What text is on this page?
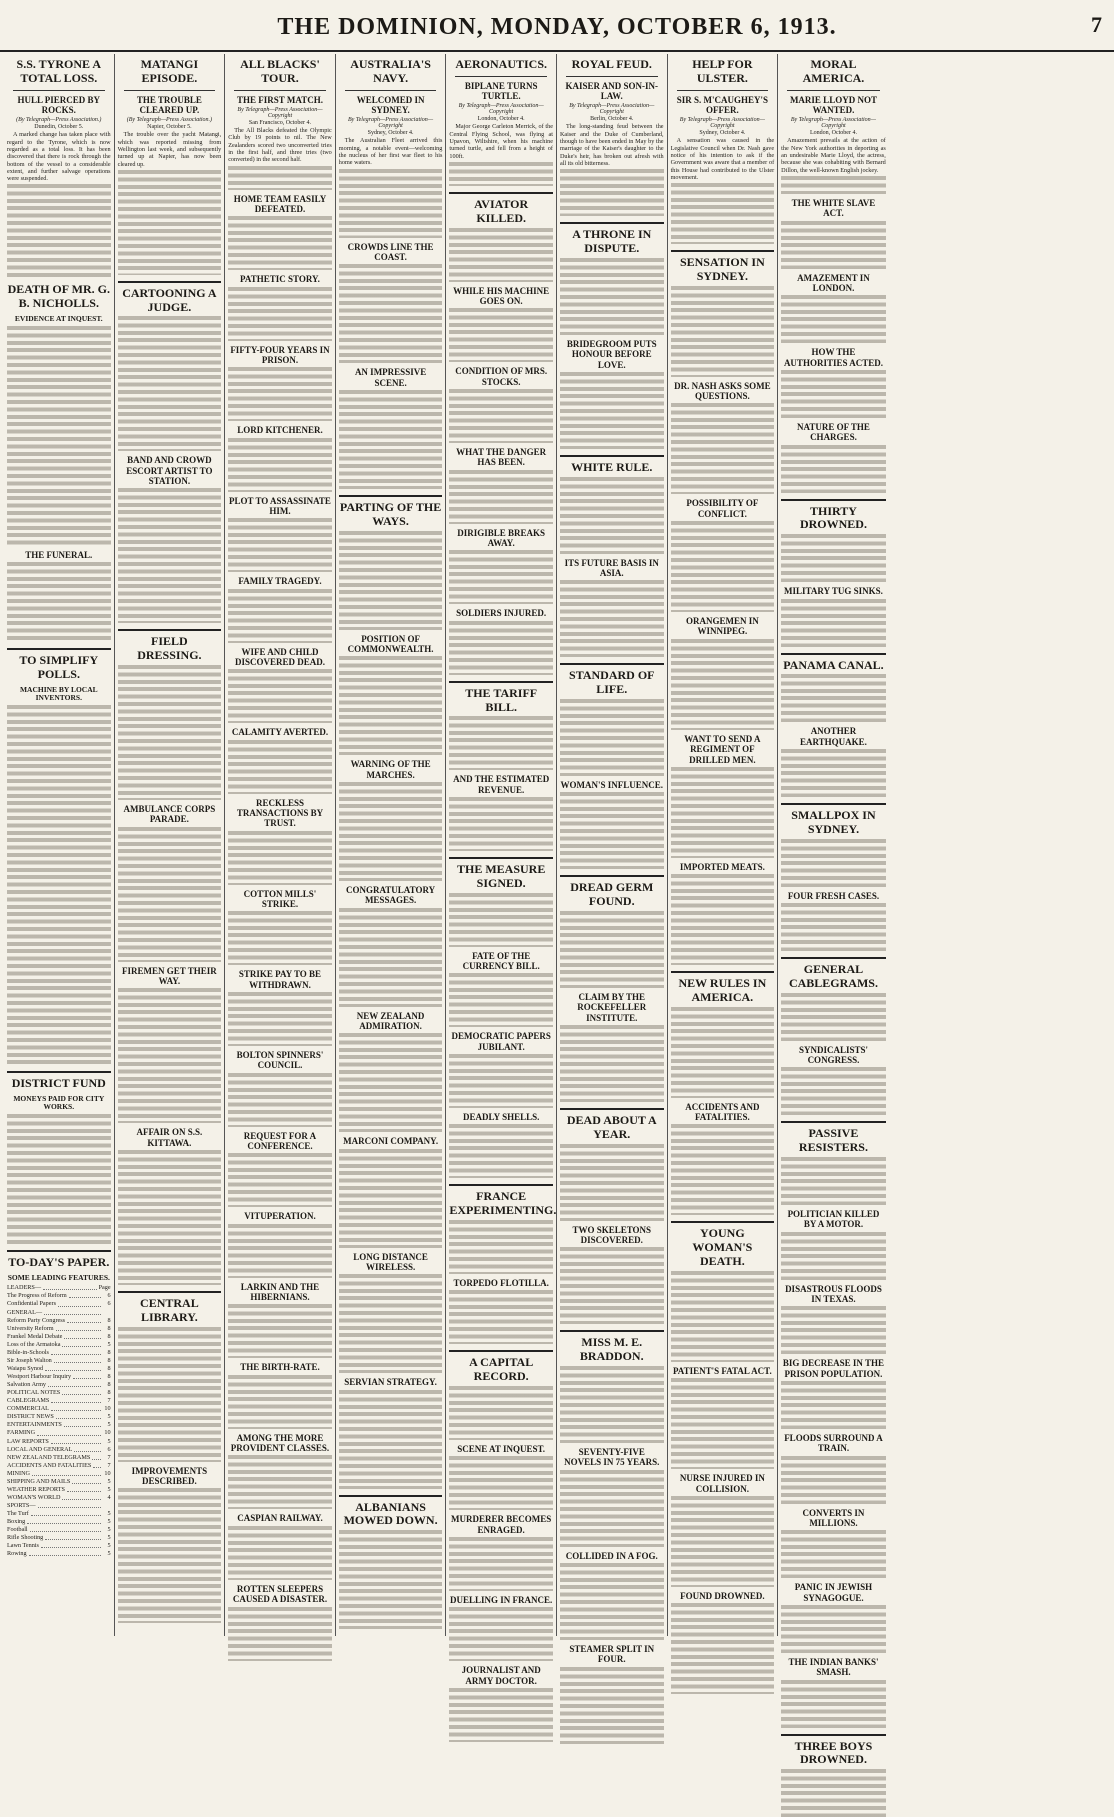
THE DOMINION, MONDAY, OCTOBER 6, 1913.	7
S.S. TYRONE A TOTAL LOSS.
HULL PIERCED BY ROCKS.
(By Telegraph—Press Association.)
Dunedin, October 5.

A marked change has taken place with regard to the Tyrone, which is now regarded as a total loss. It has been discovered that there is rock through the bottom of the vessel to a considerable extent, and further salvage operations were suspended.

DEATH OF MR. G. B. NICHOLLS.
EVIDENCE AT INQUEST.
THE FUNERAL.
TO SIMPLIFY POLLS.
MACHINE BY LOCAL INVENTORS.
DISTRICT FUND
MONEYS PAID FOR CITY WORKS.
TO-DAY'S PAPER.
SOME LEADING FEATURES.
LEADERS—	Page
The Progress of Reform	6
Confidential Papers	6
GENERAL—
Reform Party Congress	8
University Reform	8
Frankel Medal Debate	8
Loss of the Armatoka	5
Bible-in-Schools	8
Sir Joseph Walton	8
Waiapu Synod	8
Westport Harbour Inquiry	8
Salvation Army	8
POLITICAL NOTES	8
CABLEGRAMS	7
COMMERCIAL	10
DISTRICT NEWS	5
ENTERTAINMENTS	5
FARMING	10
LAW REPORTS	5
LOCAL AND GENERAL	6
NEW ZEALAND TELEGRAMS	7
ACCIDENTS AND FATALITIES	7
MINING	10
SHIPPING AND MAILS	5
WEATHER REPORTS	5
WOMAN'S WORLD	4
SPORTS—
The Turf	5
Boxing	5
Football	5
Rifle Shooting	5
Lawn Tennis	5
Rowing	5
MATANGI EPISODE.
THE TROUBLE CLEARED UP.
(By Telegraph—Press Association.)
Napier, October 5.

The trouble over the yacht Matangi, which was reported missing from Wellington last week, and subsequently turned up at Napier, has now been cleared up.

CARTOONING A JUDGE.
BAND AND CROWD ESCORT ARTIST TO STATION.
FIELD DRESSING.
AMBULANCE CORPS PARADE.
FIREMEN GET THEIR WAY.
AFFAIR ON S.S. KITTAWA.
CENTRAL LIBRARY.
IMPROVEMENTS DESCRIBED.
ALL BLACKS' TOUR.
THE FIRST MATCH.
By Telegraph—Press Association—Copyright
San Francisco, October 4.

The All Blacks defeated the Olympic Club by 19 points to nil. The New Zealanders scored two unconverted tries in the first half, and three tries (two converted) in the second half.

HOME TEAM EASILY DEFEATED.
PATHETIC STORY.
FIFTY-FOUR YEARS IN PRISON.
LORD KITCHENER.
PLOT TO ASSASSINATE HIM.
FAMILY TRAGEDY.
WIFE AND CHILD DISCOVERED DEAD.
CALAMITY AVERTED.
RECKLESS TRANSACTIONS BY TRUST.
COTTON MILLS' STRIKE.
STRIKE PAY TO BE WITHDRAWN.
BOLTON SPINNERS' COUNCIL.
REQUEST FOR A CONFERENCE.
VITUPERATION.
LARKIN AND THE HIBERNIANS.
THE BIRTH-RATE.
AMONG THE MORE PROVIDENT CLASSES.
CASPIAN RAILWAY.
ROTTEN SLEEPERS CAUSED A DISASTER.
AUSTRALIA'S NAVY.
WELCOMED IN SYDNEY.
By Telegraph—Press Association—Copyright
Sydney, October 4.

The Australian Fleet arrived this morning, a notable event—welcoming the nucleus of her first war fleet to his home waters.

CROWDS LINE THE COAST.
AN IMPRESSIVE SCENE.
PARTING OF THE WAYS.
POSITION OF COMMONWEALTH.
WARNING OF THE MARCHES.
CONGRATULATORY MESSAGES.
NEW ZEALAND ADMIRATION.
MARCONI COMPANY.
LONG DISTANCE WIRELESS.
SERVIAN STRATEGY.
ALBANIANS MOWED DOWN.
AERONAUTICS.
BIPLANE TURNS TURTLE.
By Telegraph—Press Association—Copyright
London, October 4.

Major George Carleton Merrick, of the Central Flying School, was flying at Upavon, Wiltshire, when his machine turned turtle, and fell from a height of 100ft.

AVIATOR KILLED.
WHILE HIS MACHINE GOES ON.
CONDITION OF MRS. STOCKS.
WHAT THE DANGER HAS BEEN.
DIRIGIBLE BREAKS AWAY.
SOLDIERS INJURED.
THE TARIFF BILL.
AND THE ESTIMATED REVENUE.
THE MEASURE SIGNED.
FATE OF THE CURRENCY BILL.
DEMOCRATIC PAPERS JUBILANT.
DEADLY SHELLS.
FRANCE EXPERIMENTING.
TORPEDO FLOTILLA.
A CAPITAL RECORD.
SCENE AT INQUEST.
MURDERER BECOMES ENRAGED.
DUELLING IN FRANCE.
JOURNALIST AND ARMY DOCTOR.
ROYAL FEUD.
KAISER AND SON-IN-LAW.
By Telegraph—Press Association—Copyright
Berlin, October 4.

The long-standing feud between the Kaiser and the Duke of Cumberland, though to have been ended in May by the marriage of the Kaiser's daughter to the Duke's heir, has broken out afresh with all its old bitterness.

A THRONE IN DISPUTE.
BRIDEGROOM PUTS HONOUR BEFORE LOVE.
WHITE RULE.
ITS FUTURE BASIS IN ASIA.
STANDARD OF LIFE.
WOMAN'S INFLUENCE.
DREAD GERM FOUND.
CLAIM BY THE ROCKEFELLER INSTITUTE.
DEAD ABOUT A YEAR.
TWO SKELETONS DISCOVERED.
MISS M. E. BRADDON.
SEVENTY-FIVE NOVELS IN 75 YEARS.
COLLIDED IN A FOG.
STEAMER SPLIT IN FOUR.
HELP FOR ULSTER.
SIR S. M'CAUGHEY'S OFFER.
By Telegraph—Press Association—Copyright
Sydney, October 4.

A sensation was caused in the Legislative Council when Dr. Nash gave notice of his intention to ask if the Government was aware that a member of this House had contributed to the Ulster movement.

SENSATION IN SYDNEY.
DR. NASH ASKS SOME QUESTIONS.
POSSIBILITY OF CONFLICT.
ORANGEMEN IN WINNIPEG.
WANT TO SEND A REGIMENT OF DRILLED MEN.
IMPORTED MEATS.
NEW RULES IN AMERICA.
ACCIDENTS AND FATALITIES.
YOUNG WOMAN'S DEATH.
PATIENT'S FATAL ACT.
NURSE INJURED IN COLLISION.
FOUND DROWNED.
MORAL AMERICA.
MARIE LLOYD NOT WANTED.
By Telegraph—Press Association—Copyright
London, October 4.

Amazement prevails at the action of the New York authorities in deporting as an undesirable Marie Lloyd, the actress, because she was cohabiting with Bernard Dillon, the well-known English jockey.

THE WHITE SLAVE ACT.
AMAZEMENT IN LONDON.
HOW THE AUTHORITIES ACTED.
NATURE OF THE CHARGES.
THIRTY DROWNED.
MILITARY TUG SINKS.
PANAMA CANAL.
ANOTHER EARTHQUAKE.
SMALLPOX IN SYDNEY.
FOUR FRESH CASES.
GENERAL CABLEGRAMS.
SYNDICALISTS' CONGRESS.
PASSIVE RESISTERS.
POLITICIAN KILLED BY A MOTOR.
DISASTROUS FLOODS IN TEXAS.
BIG DECREASE IN THE PRISON POPULATION.
FLOODS SURROUND A TRAIN.
CONVERTS IN MILLIONS.
PANIC IN JEWISH SYNAGOGUE.
THE INDIAN BANKS' SMASH.
THREE BOYS DROWNED.
